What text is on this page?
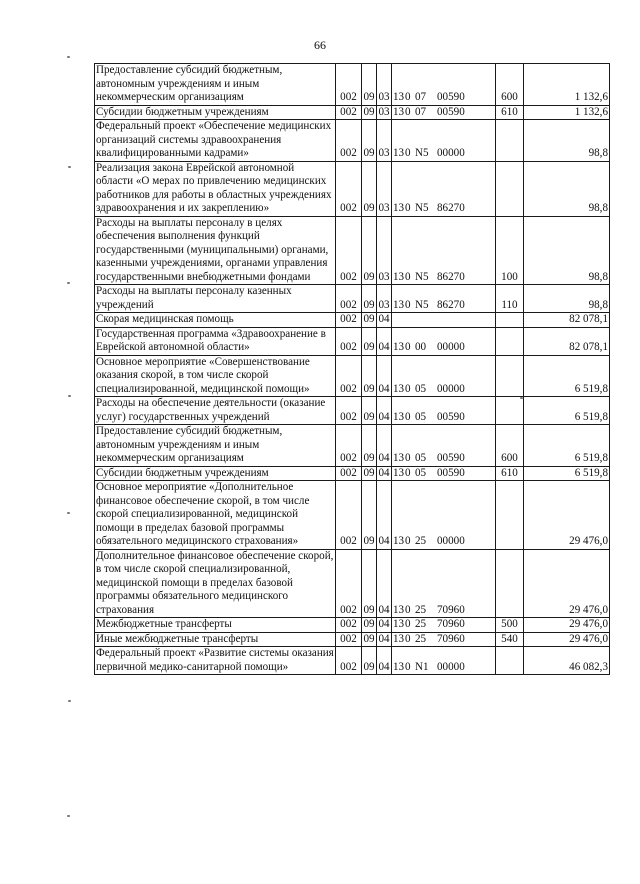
66
Предоставление субсидий бюджетным, автономным учреждениям и иным некоммерческим организациям	002	09	03	130 07 00590	600	1 132,6
Субсидии бюджетным учреждениям	002	09	03	130 07 00590	610	1 132,6
Федеральный проект «Обеспечение медицинских организаций системы здравоохранения квалифицированными кадрами»	002	09	03	130 N5 00000		98,8
Реализация закона Еврейской автономной области «О мерах по привлечению медицинских работников для работы в областных учреждениях здравоохранения и их закреплению»	002	09	03	130 N5 86270		98,8
Расходы на выплаты персоналу в целях обеспечения выполнения функций государственными (муниципальными) органами, казенными учреждениями, органами управления государственными внебюджетными фондами	002	09	03	130 N5 86270	100	98,8
Расходы на выплаты персоналу казенных учреждений	002	09	03	130 N5 86270	110	98,8
Скорая медицинская помощь	002	09	04			82 078,1
Государственная программа «Здравоохранение в Еврейской автономной области»	002	09	04	130 00 00000		82 078,1
Основное мероприятие «Совершенствование оказания скорой, в том числе скорой специализированной, медицинской помощи»	002	09	04	130 05 00000		6 519,8
Расходы на обеспечение деятельности (оказание услуг) государственных учреждений	002	09	04	130 05 00590		6 519,8
Предоставление субсидий бюджетным, автономным учреждениям и иным некоммерческим организациям	002	09	04	130 05 00590	600	6 519,8
Субсидии бюджетным учреждениям	002	09	04	130 05 00590	610	6 519,8
Основное мероприятие «Дополнительное финансовое обеспечение скорой, в том числе скорой специализированной, медицинской помощи в пределах базовой программы обязательного медицинского страхования»	002	09	04	130 25 00000		29 476,0
Дополнительное финансовое обеспечение скорой, в том числе скорой специализированной, медицинской помощи в пределах базовой программы обязательного медицинского страхования	002	09	04	130 25 70960		29 476,0
Межбюджетные трансферты	002	09	04	130 25 70960	500	29 476,0
Иные межбюджетные трансферты	002	09	04	130 25 70960	540	29 476,0
Федеральный проект «Развитие системы оказания первичной медико-санитарной помощи»	002	09	04	130 N1 00000		46 082,3
